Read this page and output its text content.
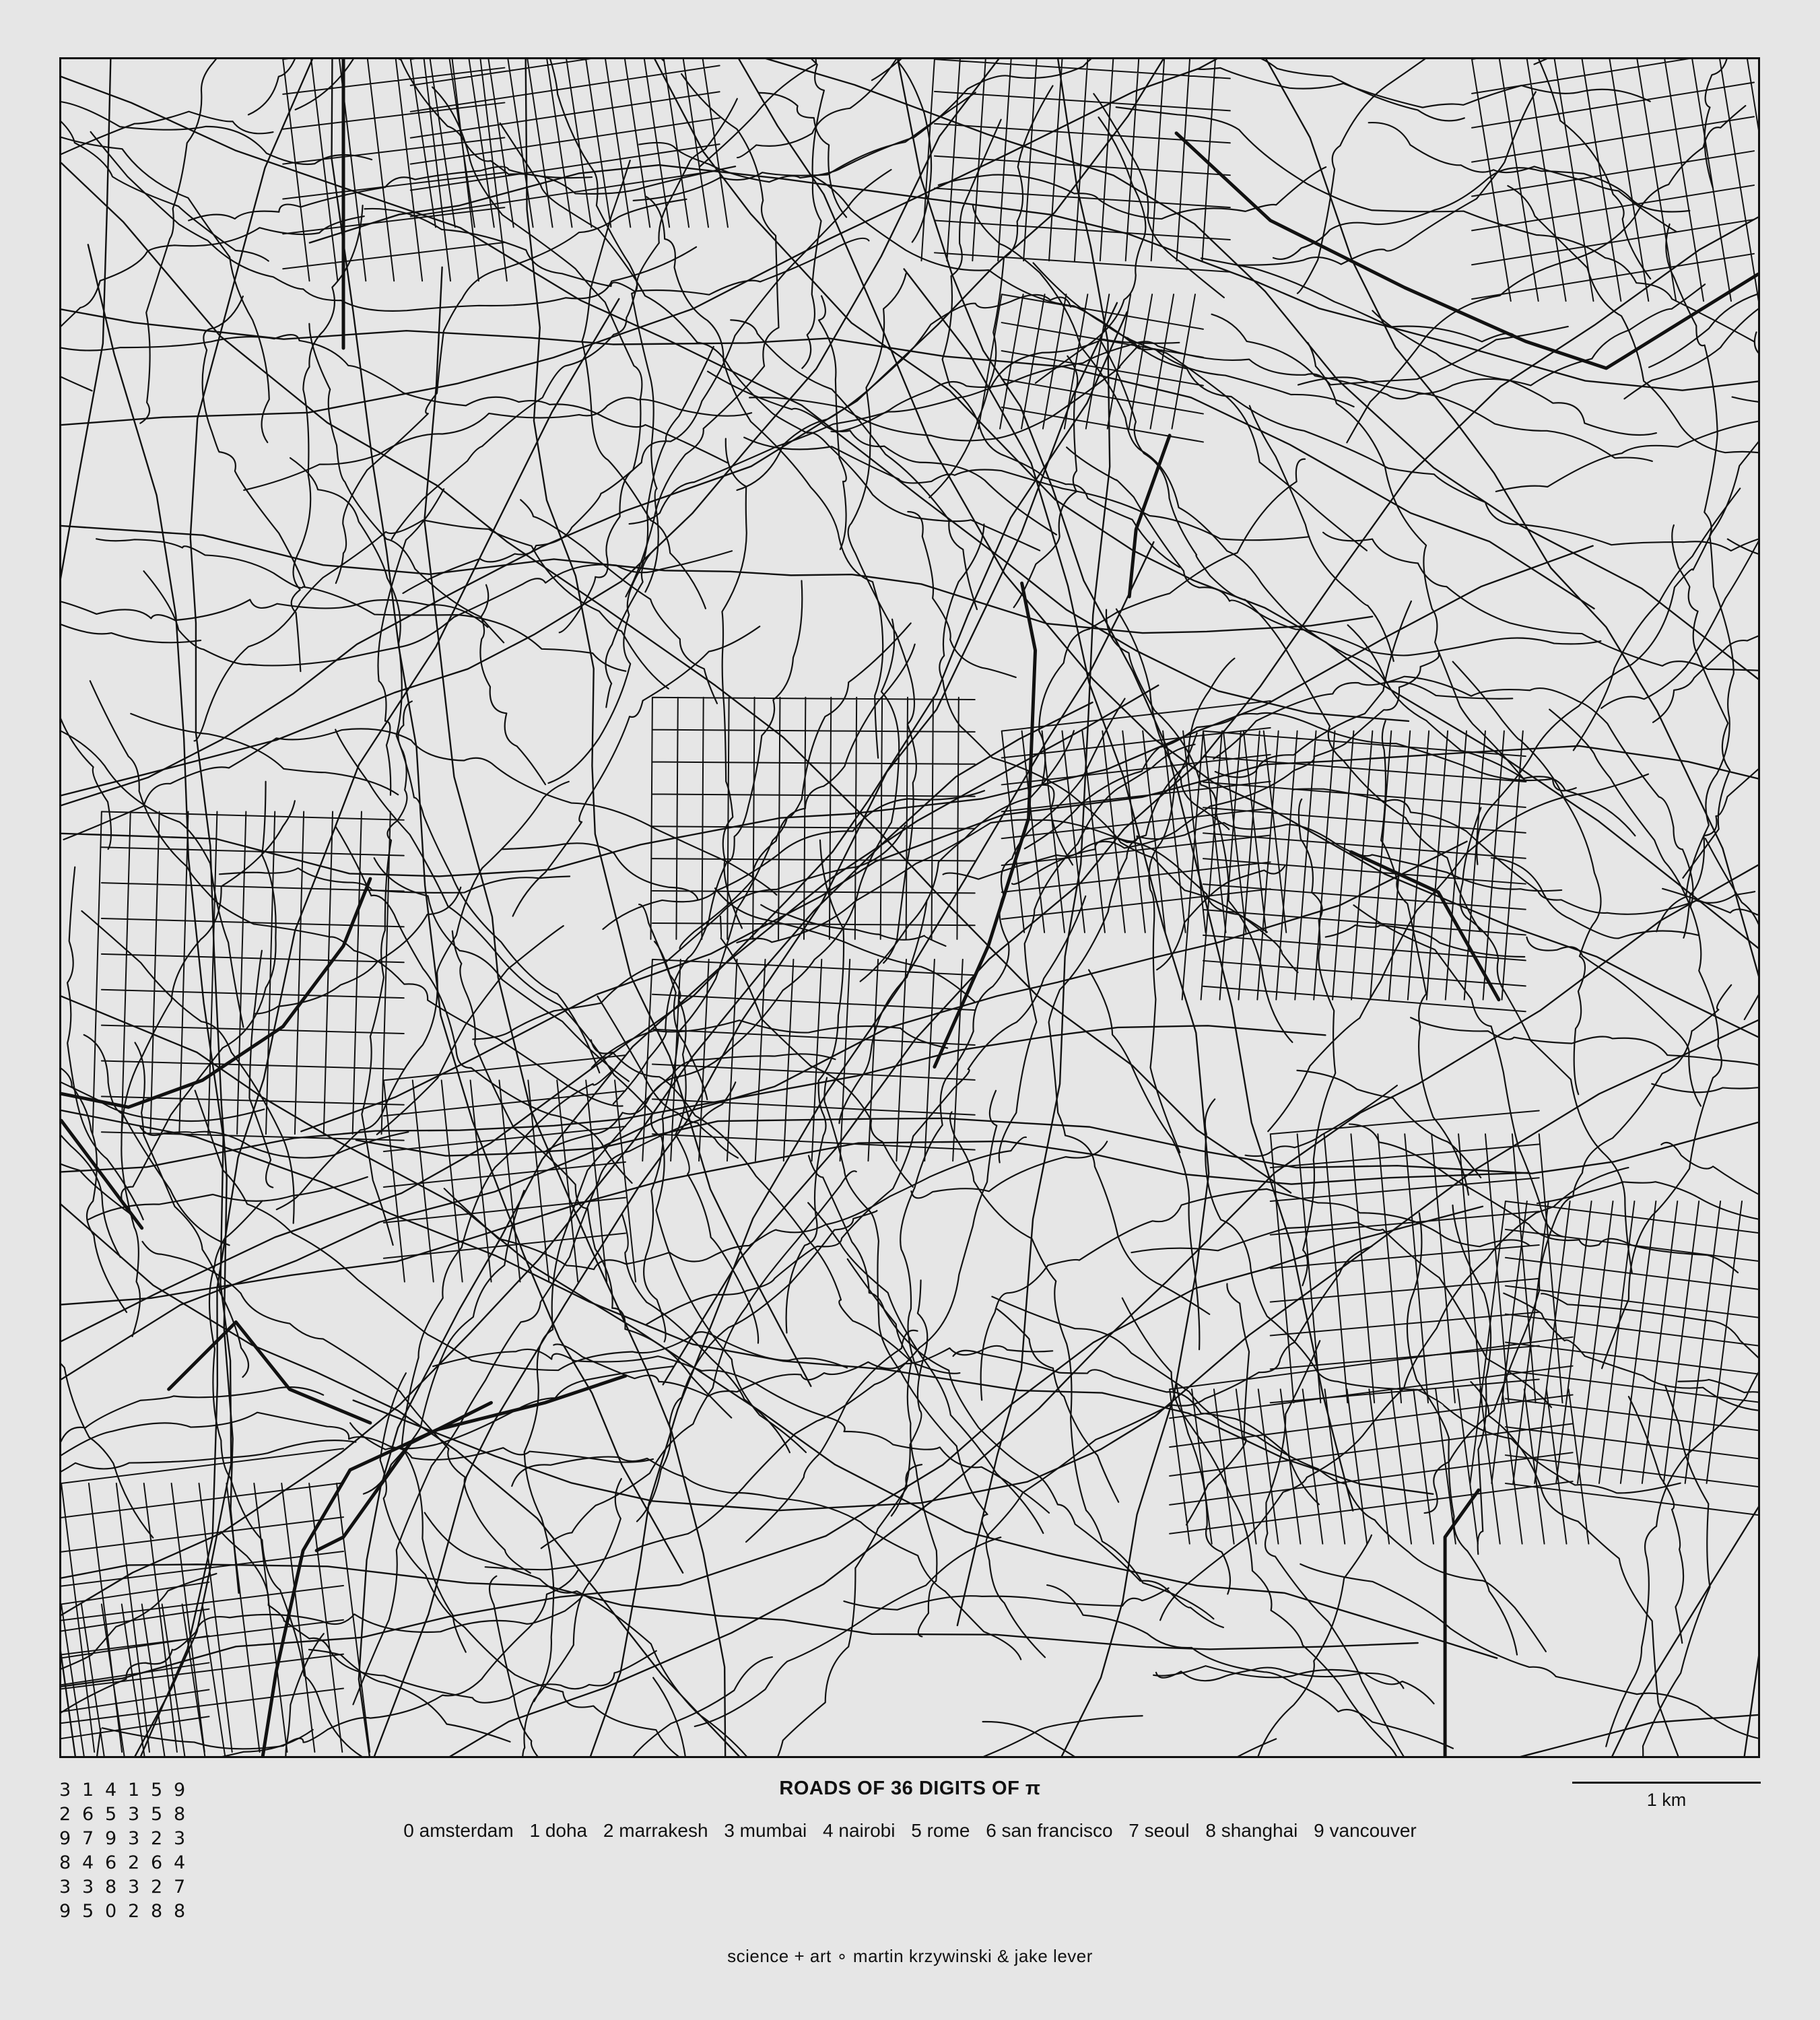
3 1 4 1 5 9
2 6 5 3 5 8
9 7 9 3 2 3
8 4 6 2 6 4
3 3 8 3 2 7
9 5 0 2 8 8
ROADS OF 36 DIGITS OF π
0 amsterdam 1 doha 2 marrakesh 3 mumbai 4 nairobi 5 rome 6 san francisco 7 seoul 8 shanghai 9 vancouver
1 km
science + art ∘ martin krzywinski & jake lever
